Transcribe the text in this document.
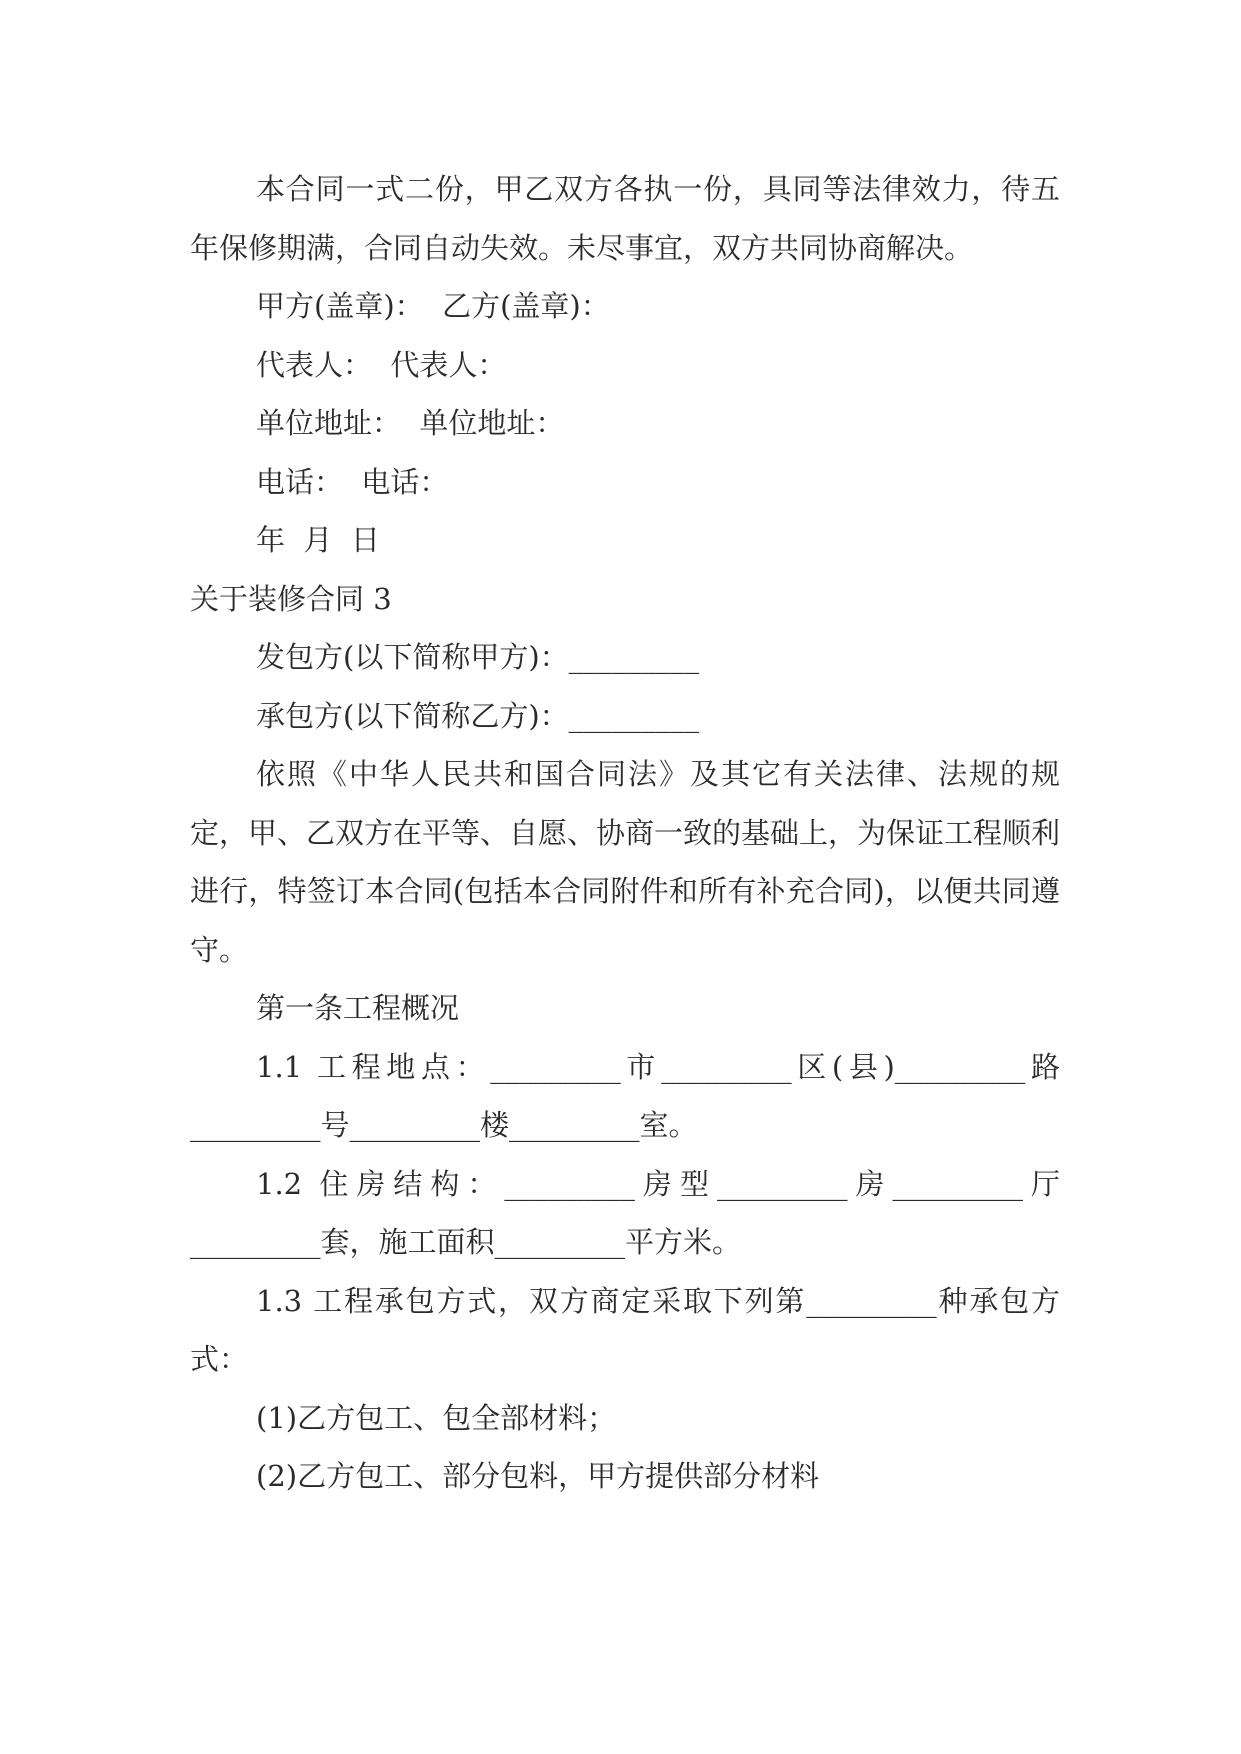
本合同一式二份，甲乙双方各执一份，具同等法律效力，待五年保修期满，合同自动失效。未尽事宜，双方共同协商解决。

甲方(盖章)：  乙方(盖章)：

代表人：  代表人：

单位地址：  单位地址：

电话：  电话：

年  月  日

关于装修合同 3

发包方(以下简称甲方)：_________

承包方(以下简称乙方)：_________

依照《中华人民共和国合同法》及其它有关法律、法规的规定，甲、乙双方在平等、自愿、协商一致的基础上，为保证工程顺利进行，特签订本合同(包括本合同附件和所有补充合同)，以便共同遵守。

第一条工程概况

1.1 工程地点：_________市_________区(县)_________路_________号_________楼_________室。

1.2 住房结构：_________房型_________房_________厅_________套，施工面积_________平方米。

1.3 工程承包方式，双方商定采取下列第_________种承包方式：

(1)乙方包工、包全部材料；

(2)乙方包工、部分包料，甲方提供部分材料
